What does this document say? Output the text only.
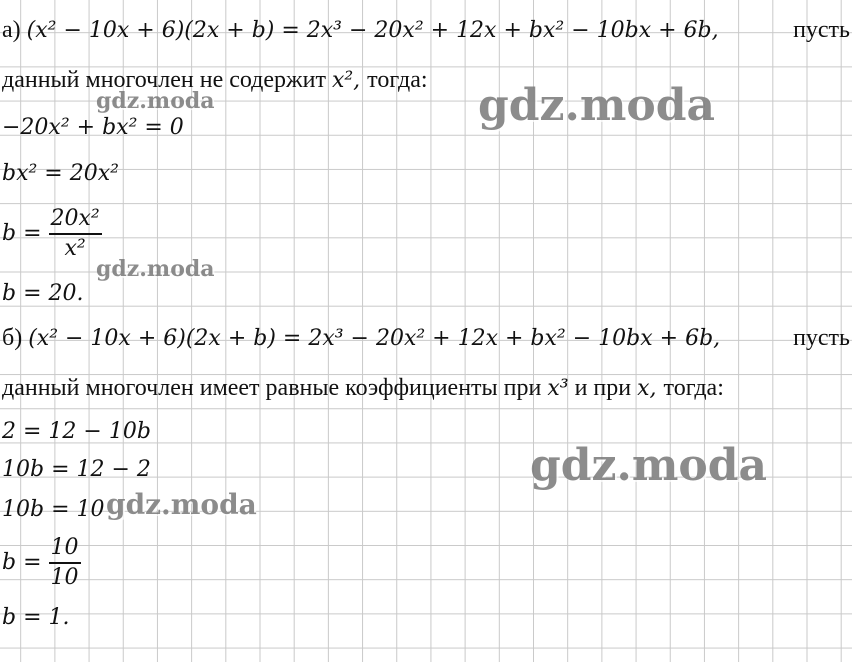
а) (x² − 10x + 6)(2x + b) = 2x³ − 20x² + 12x + bx² − 10bx + 6b,	пусть
данный многочлен не содержит x², тогда:
−20x² + bx² = 0
bx² = 20x²
$b = \frac{\text{20x²}}{\text{x²}}$
b = 20.
б) (x² − 10x + 6)(2x + b) = 2x³ − 20x² + 12x + bx² − 10bx + 6b,	пусть
данный многочлен имеет равные коэффициенты при x³ и при x, тогда:
2 = 12 − 10b
10b = 12 − 2
10b = 10
$b = \frac{10}{10}$
b = 1.
gdz.moda	gdz.moda
gdz.moda
gdz.moda
gdz.moda
